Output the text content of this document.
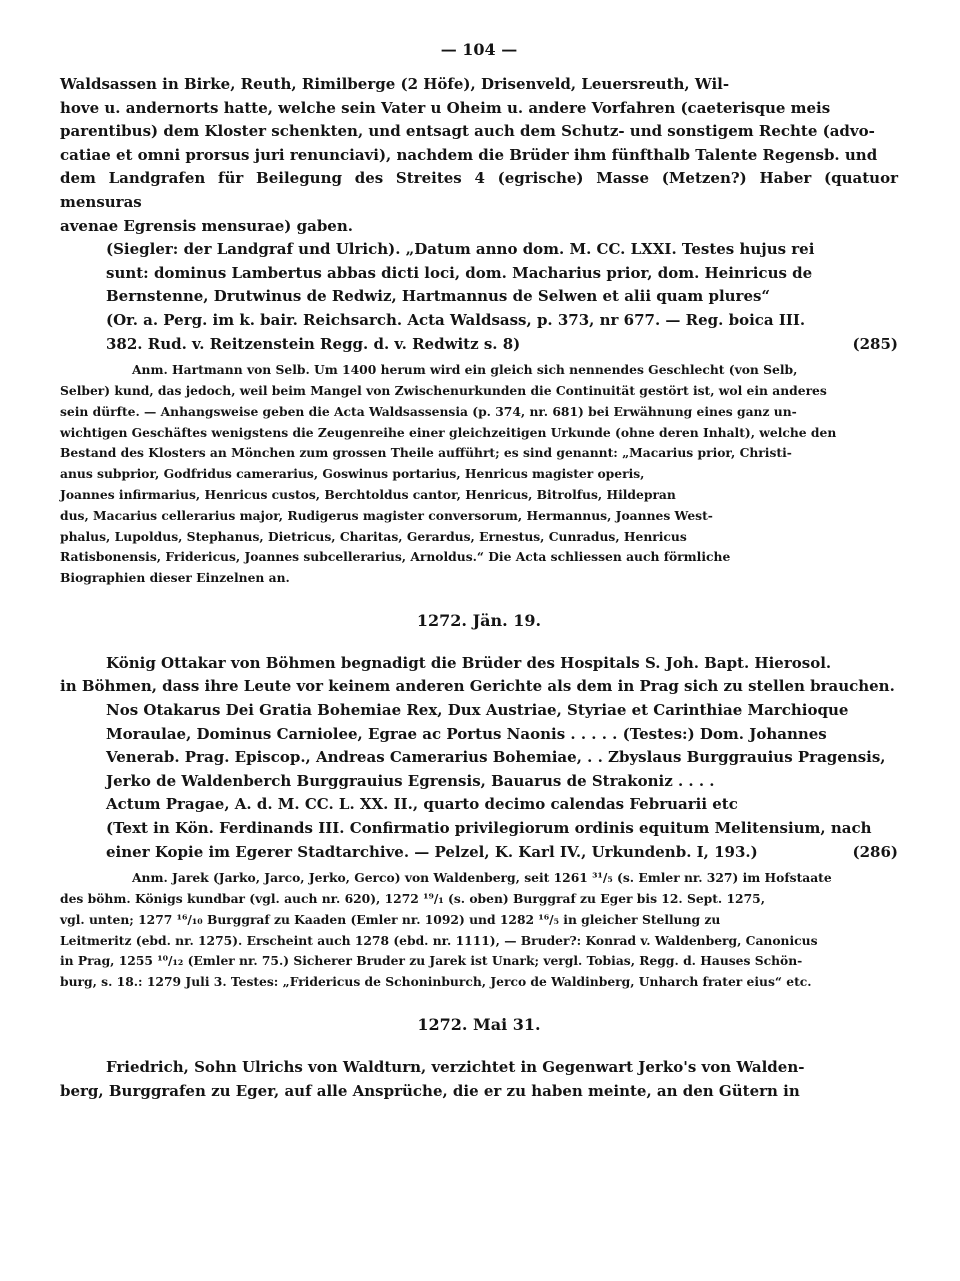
— 104 —
Waldsassen in Birke, Reuth, Rimilberge (2 Höfe), Drisenveld, Leuersreuth, Wil-
hove u. andernorts hatte, welche sein Vater u Oheim u. andere Vorfahren (caeterisque meis
parentibus) dem Kloster schenkten, und entsagt auch dem Schutz- und sonstigem Rechte (advo-
catiae et omni prorsus juri renunciavi), nachdem die Brüder ihm fünfthalb Talente Regensb. und
dem Landgrafen für Beilegung des Streites 4 (egrische) Masse (Metzen?) Haber (quatuor mensuras
avenae Egrensis mensurae) gaben.
(Siegler: der Landgraf und Ulrich). „Datum anno dom. M. CC. LXXI. Testes hujus rei
sunt: dominus Lambertus abbas dicti loci, dom. Macharius prior, dom. Heinricus de
Bernstenne, Drutwinus de Redwiz, Hartmannus de Selwen et alii quam plures“
(Or. a. Perg. im k. bair. Reichsarch. Acta Waldsass, p. 373, nr 677. — Reg. boica III.
382. Rud. v. Reitzenstein Regg. d. v. Redwitz s. 8)	(285)
Anm. Hartmann von Selb. Um 1400 herum wird ein gleich sich nennendes Geschlecht (von Selb,
Selber) kund, das jedoch, weil beim Mangel von Zwischenurkunden die Continuität gestört ist, wol ein anderes
sein dürfte. — Anhangsweise geben die Acta Waldsassensia (p. 374, nr. 681) bei Erwähnung eines ganz un-
wichtigen Geschäftes wenigstens die Zeugenreihe einer gleichzeitigen Urkunde (ohne deren Inhalt), welche den
Bestand des Klosters an Mönchen zum grossen Theile aufführt; es sind genannt: „Macarius prior, Christi-
anus subprior, Godfridus camerarius, Goswinus portarius, Henricus magister operis,
Joannes infirmarius, Henricus custos, Berchtoldus cantor, Henricus, Bitrolfus, Hildepran
dus, Macarius cellerarius major, Rudigerus magister conversorum, Hermannus, Joannes West-
phalus, Lupoldus, Stephanus, Dietricus, Charitas, Gerardus, Ernestus, Cunradus, Henricus
Ratisbonensis, Fridericus, Joannes subcellerarius, Arnoldus.“ Die Acta schliessen auch förmliche
Biographien dieser Einzelnen an.
1272. Jän. 19.
König Ottakar von Böhmen begnadigt die Brüder des Hospitals S. Joh. Bapt. Hierosol.
in Böhmen, dass ihre Leute vor keinem anderen Gerichte als dem in Prag sich zu stellen brauchen.
Nos Otakarus Dei Gratia Bohemiae Rex, Dux Austriae, Styriae et Carinthiae Marchioque
Moraulae, Dominus Carniolee, Egrae ac Portus Naonis . . . . . (Testes:) Dom. Johannes
Venerab. Prag. Episcop., Andreas Camerarius Bohemiae, . . Zbyslaus Burggrauius Pragensis,
Jerko de Waldenberch Burggrauius Egrensis, Bauarus de Strakoniz . . . .
Actum Pragae, A. d. M. CC. L. XX. II., quarto decimo calendas Februarii etc
(Text in Kön. Ferdinands III. Confirmatio privilegiorum ordinis equitum Melitensium, nach
einer Kopie im Egerer Stadtarchive. — Pelzel, K. Karl IV., Urkundenb. I, 193.)	(286)
Anm. Jarek (Jarko, Jarco, Jerko, Gerco) von Waldenberg, seit 1261 ³¹/₅ (s. Emler nr. 327) im Hofstaate
des böhm. Königs kundbar (vgl. auch nr. 620), 1272 ¹⁹/₁ (s. oben) Burggraf zu Eger bis 12. Sept. 1275,
vgl. unten; 1277 ¹⁶/₁₀ Burggraf zu Kaaden (Emler nr. 1092) und 1282 ¹⁶/₅ in gleicher Stellung zu
Leitmeritz (ebd. nr. 1275). Erscheint auch 1278 (ebd. nr. 1111), — Bruder?: Konrad v. Waldenberg, Canonicus
in Prag, 1255 ¹⁰/₁₂ (Emler nr. 75.) Sicherer Bruder zu Jarek ist Unark; vergl. Tobias, Regg. d. Hauses Schön-
burg, s. 18.: 1279 Juli 3. Testes: „Fridericus de Schoninburch, Jerco de Waldinberg, Unharch frater eius“ etc.
1272. Mai 31.
Friedrich, Sohn Ulrichs von Waldturn, verzichtet in Gegenwart Jerko's von Walden-
berg, Burggrafen zu Eger, auf alle Ansprüche, die er zu haben meinte, an den Gütern in
